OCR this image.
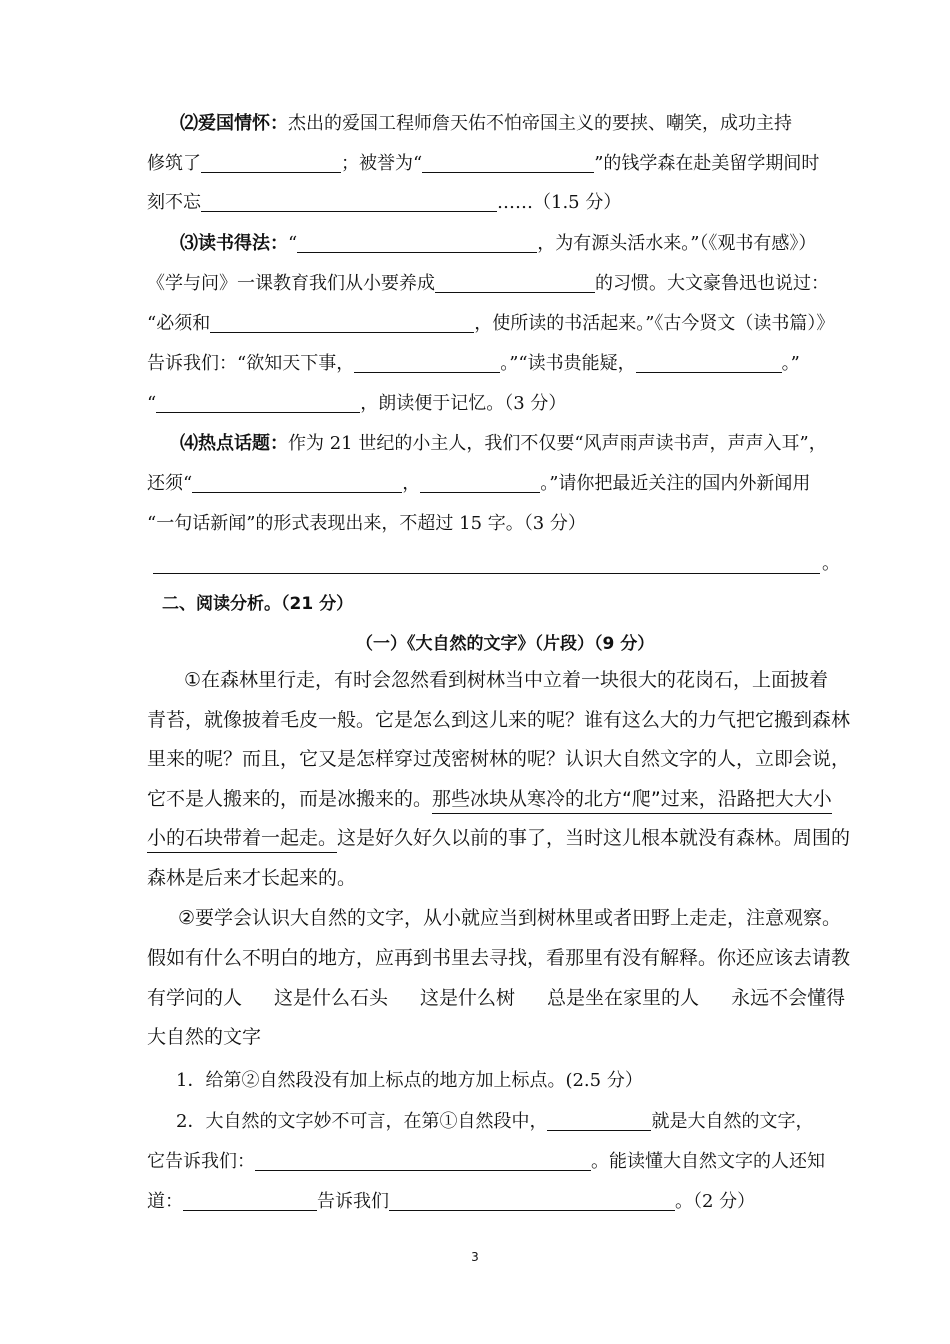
⑵爱国情怀：杰出的爱国工程师詹天佑不怕帝国主义的要挟、嘲笑，成功主持
修筑了	；被誉为“	”的钱学森在赴美留学期间时
刻不忘	……（1.5 分）
⑶读书得法：“	，为有源头活水来。”（《观书有感》）
《学与问》一课教育我们从小要养成	的习惯。大文豪鲁迅也说过：
“必须和	，使所读的书活起来。”《古今贤文（读书篇）》
告诉我们：“欲知天下事，	。”“读书贵能疑，	。”
“	，朗读便于记忆。（3 分）
⑷热点话题：作为 21 世纪的小主人，我们不仅要“风声雨声读书声，声声入耳”，
还须“	，	。”请你把最近关注的国内外新闻用
“一句话新闻”的形式表现出来，不超过 15 字。（3 分）
。
二、阅读分析。（21 分）
（一）《大自然的文字》（片段）（9 分）
①在森林里行走，有时会忽然看到树林当中立着一块很大的花岗石，上面披着
青苔，就像披着毛皮一般。它是怎么到这儿来的呢？谁有这么大的力气把它搬到森林
里来的呢？而且，它又是怎样穿过茂密树林的呢？认识大自然文字的人，立即会说，
它不是人搬来的，而是冰搬来的。那些冰块从寒冷的北方“爬”过来，沿路把大大小
小的石块带着一起走。这是好久好久以前的事了，当时这儿根本就没有森林。周围的
森林是后来才长起来的。
②要学会认识大自然的文字，从小就应当到树林里或者田野上走走，注意观察。
假如有什么不明白的地方，应再到书里去寻找，看那里有没有解释。你还应该去请教
有学问的人 这是什么石头 这是什么树 总是坐在家里的人 永远不会懂得
大自然的文字
1．给第②自然段没有加上标点的地方加上标点。(2.5 分）
2．大自然的文字妙不可言，在第①自然段中，	就是大自然的文字，
它告诉我们：	。能读懂大自然文字的人还知
道：	告诉我们	。（2 分）
3
